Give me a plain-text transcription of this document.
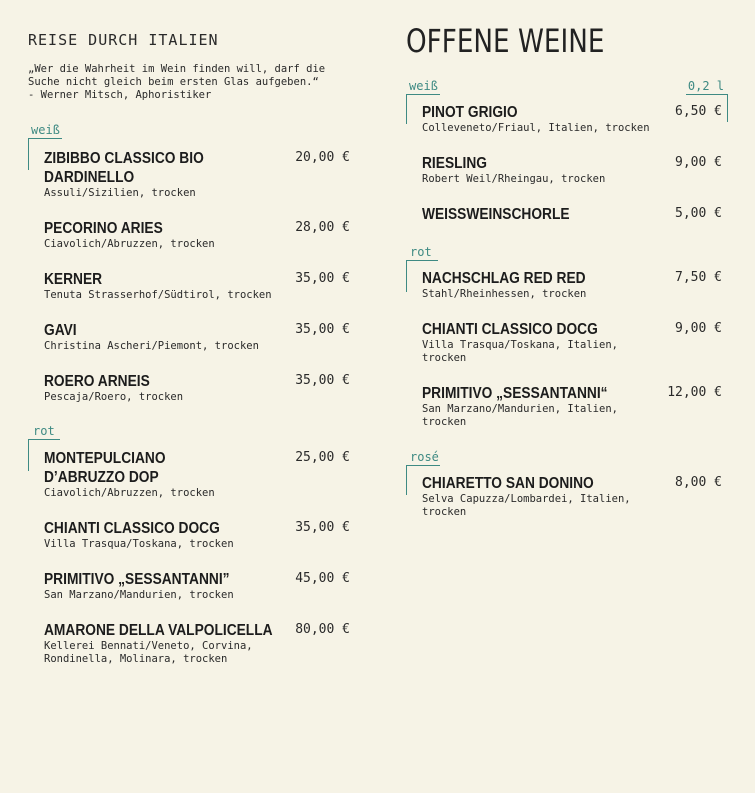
REISE DURCH ITALIEN
„Wer die Wahrheit im Wein finden will, darf die
Suche nicht gleich beim ersten Glas aufgeben.“
- Werner Mitsch, Aphoristiker
weiß
ZIBIBBO CLASSICO BIO
DARDINELLO
Assuli/Sizilien, trocken
20,00 €
PECORINO ARIES
Ciavolich/Abruzzen, trocken
28,00 €
KERNER
Tenuta Strasserhof/Südtirol, trocken
35,00 €
GAVI
Christina Ascheri/Piemont, trocken
35,00 €
ROERO ARNEIS
Pescaja/Roero, trocken
35,00 €
rot
MONTEPULCIANO
D’ABRUZZO DOP
Ciavolich/Abruzzen, trocken
25,00 €
CHIANTI CLASSICO DOCG
Villa Trasqua/Toskana, trocken
35,00 €
PRIMITIVO „SESSANTANNI”
San Marzano/Mandurien, trocken
45,00 €
AMARONE DELLA VALPOLICELLA
Kellerei Bennati/Veneto, Corvina, Rondinella, Molinara, trocken
80,00 €
OFFENE WEINE
weiß	0,2 l
PINOT GRIGIO
Colleveneto/Friaul, Italien, trocken
6,50 €
RIESLING
Robert Weil/Rheingau, trocken
9,00 €
WEISSWEINSCHORLE	5,00 €
rot
NACHSCHLAG RED RED
Stahl/Rheinhessen, trocken
7,50 €
CHIANTI CLASSICO DOCG
Villa Trasqua/Toskana, Italien, trocken
9,00 €
PRIMITIVO „SESSANTANNI“
San Marzano/Mandurien, Italien, trocken
12,00 €
rosé
CHIARETTO SAN DONINO
Selva Capuzza/Lombardei, Italien, trocken
8,00 €
